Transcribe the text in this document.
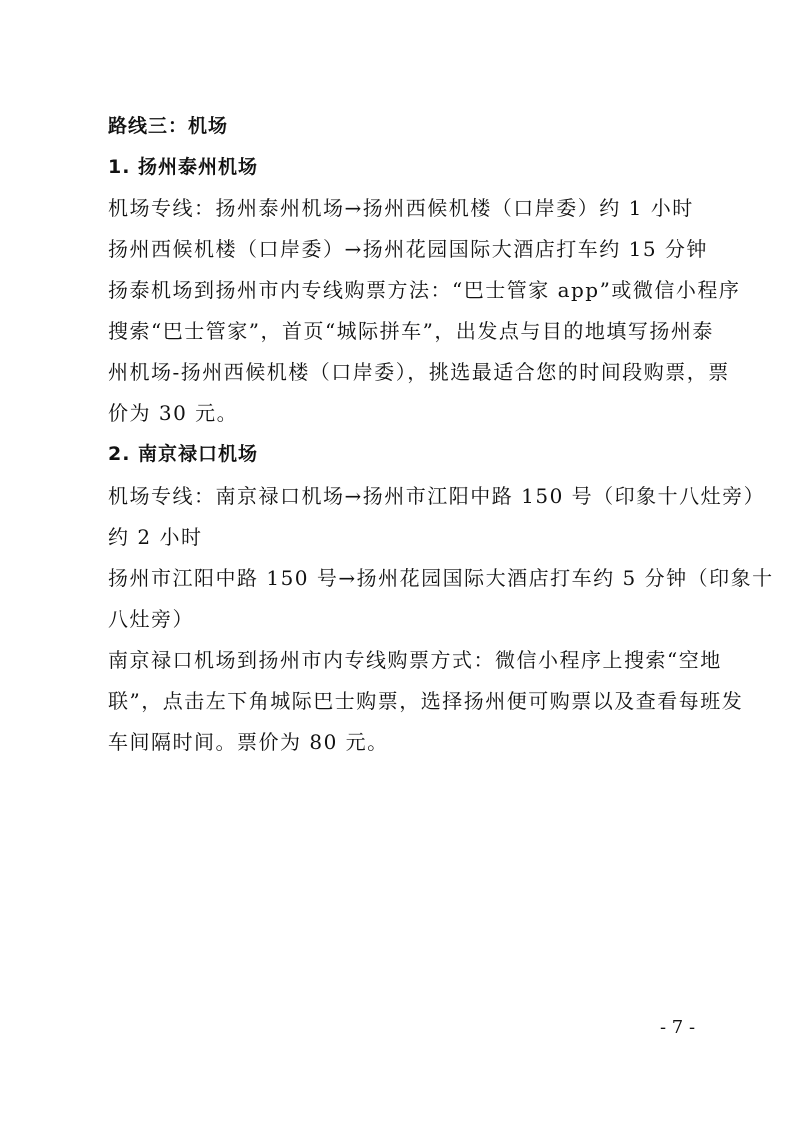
路线三：机场
1. 扬州泰州机场
机场专线：扬州泰州机场→扬州西候机楼（口岸委）约 1 小时
扬州西候机楼（口岸委）→扬州花园国际大酒店打车约 15 分钟
扬泰机场到扬州市内专线购票方法：“巴士管家 app”或微信小程序
搜索“巴士管家”，首页“城际拼车”，出发点与目的地填写扬州泰
州机场-扬州西候机楼（口岸委），挑选最适合您的时间段购票，票
价为 30 元。
2. 南京禄口机场
机场专线：南京禄口机场→扬州市江阳中路 150 号（印象十八灶旁）
约 2 小时
扬州市江阳中路 150 号→扬州花园国际大酒店打车约 5 分钟（印象十
八灶旁）
南京禄口机场到扬州市内专线购票方式：微信小程序上搜索“空地
联”，点击左下角城际巴士购票，选择扬州便可购票以及查看每班发
车间隔时间。票价为 80 元。
- 7 -
